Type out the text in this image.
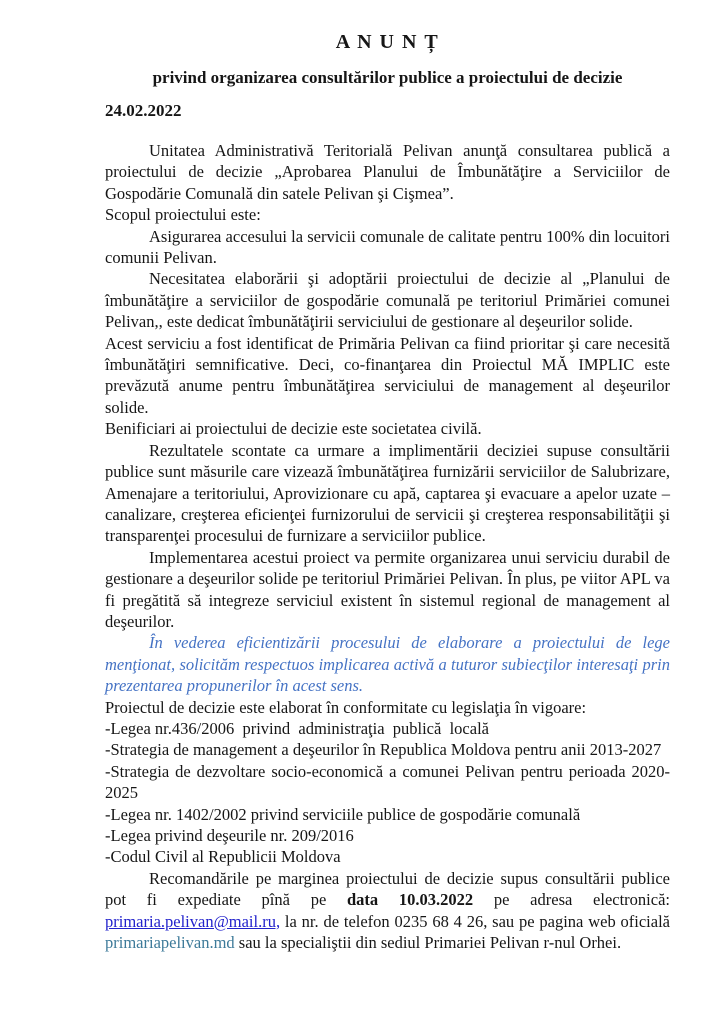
A N U N Ț
privind organizarea consultărilor publice a proiectului de decizie
24.02.2022

Unitatea Administrativă Teritorială Pelivan anunţă consultarea publică a proiectului de decizie „Aprobarea Planului de Îmbunătăţire a Serviciilor de Gospodărie Comunală din satele Pelivan şi Cişmea”.

Scopul proiectului este:

Asigurarea accesului la servicii comunale de calitate pentru 100% din locuitori comunii Pelivan.

Necesitatea elaborării şi adoptării proiectului de decizie al „Planului de îmbunătăţire a serviciilor de gospodărie comunală pe teritoriul Primăriei comunei Pelivan,, este dedicat îmbunătăţirii serviciului de gestionare al deşeurilor solide.

Acest serviciu a fost identificat de Primăria Pelivan ca fiind prioritar şi care necesită îmbunătăţiri semnificative. Deci, co-finanţarea din Proiectul MĂ IMPLIC este prevăzută anume pentru îmbunătăţirea serviciului de management al deşeurilor solide.

Benificiari ai proiectului de decizie este societatea civilă.

Rezultatele scontate ca urmare a implimentării deciziei supuse consultării publice sunt măsurile care vizează îmbunătăţirea furnizării serviciilor de Salubrizare, Amenajare a teritoriului, Aprovizionare cu apă, captarea şi evacuare a apelor uzate – canalizare, creşterea eficienţei furnizorului de servicii şi creşterea responsabilităţii şi transparenţei procesului de furnizare a serviciilor publice.

Implementarea acestui proiect va permite organizarea unui serviciu durabil de gestionare a deşeurilor solide pe teritoriul Primăriei Pelivan. În plus, pe viitor APL va fi pregătită să integreze serviciul existent în sistemul regional de management al deşeurilor.

În vederea eficientizării procesului de elaborare a proiectului de lege menţionat, solicităm respectuos implicarea activă a tuturor subiecţilor interesaţi prin prezentarea propunerilor în acest sens.

Proiectul de decizie este elaborat în conformitate cu legislaţia în vigoare:

-Legea nr.436/2006  privind  administraţia  publică  locală
-Strategia de management a deşeurilor în Republica Moldova pentru anii 2013-2027
-Strategia de dezvoltare socio-economică a comunei Pelivan pentru perioada 2020-2025
-Legea nr. 1402/2002 privind serviciile publice de gospodărie comunală
-Legea privind deşeurile nr. 209/2016
-Codul Civil al Republicii Moldova

Recomandările pe marginea proiectului de decizie supus consultării publice pot fi expediate pînă pe data 10.03.2022 pe adresa electronică: primaria.pelivan@mail.ru, la nr. de telefon 0235 68 4 26, sau pe pagina web oficială primariapelivan.md sau la specialiştii din sediul Primariei Pelivan r-nul Orhei.
